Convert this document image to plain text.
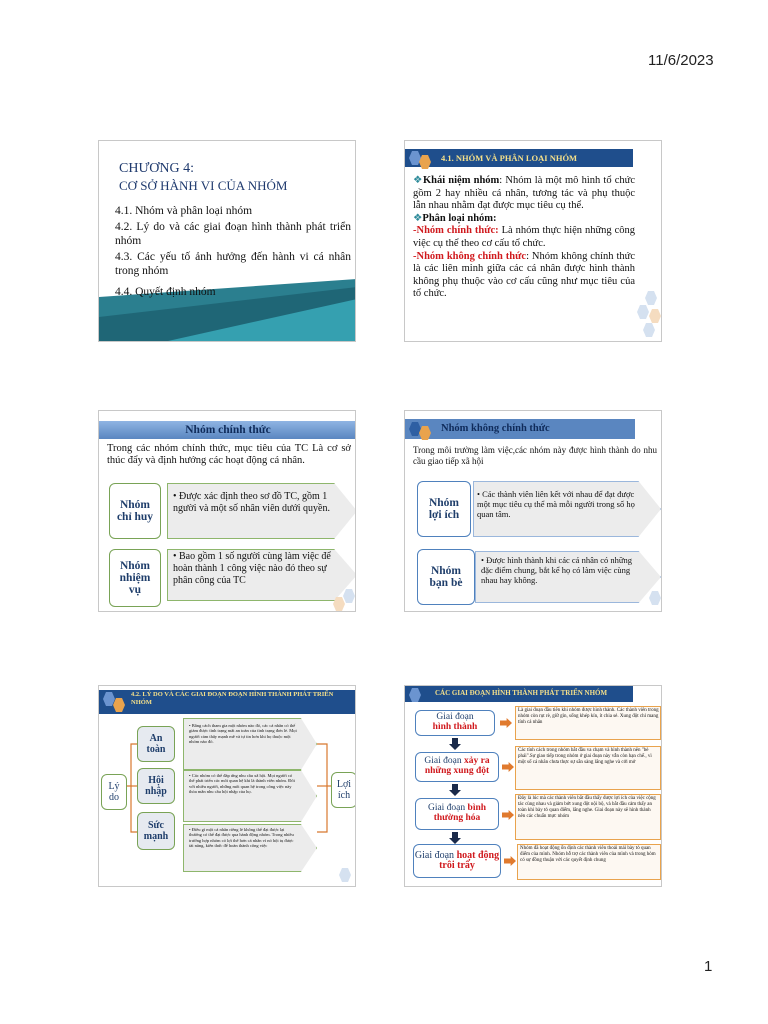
11/6/2023
CHƯƠNG 4:
CƠ SỞ HÀNH VI CỦA NHÓM
4.1. Nhóm và phân loại nhóm
4.2. Lý do và các giai đoạn hình thành phát triển nhóm
4.3. Các yếu tố ảnh hưởng đến hành vi cá nhân trong nhóm
4.4. Quyết định nhóm
4.1. NHÓM VÀ PHÂN LOẠI NHÓM
❖Khái niệm nhóm: Nhóm là một mô hình tổ chức gồm 2 hay nhiều cá nhân, tương tác và phụ thuộc lẫn nhau nhằm đạt được mục tiêu cụ thể.
❖Phân loại nhóm:
-Nhóm chính thức: Là nhóm thực hiện những công việc cụ thể theo cơ cấu tổ chức.
-Nhóm không chính thức: Nhóm không chính thức là các liên minh giữa các cá nhân được hình thành không phụ thuộc vào cơ cấu cũng như mục tiêu của tổ chức.
Nhóm chính thức
Trong các nhóm chính thức, mục tiêu của TC Là cơ sở thúc đẩy và định hướng các hoạt động cá nhân.
Nhóm chỉ huy
• Được xác định theo sơ đồ TC, gồm 1 người và một số nhân viên dưới quyền.
Nhóm nhiệm vụ
• Bao gồm 1 số người cùng làm việc để hoàn thành 1 công việc nào đó theo sự phân công của TC
Nhóm không chính thức
Trong môi trường làm việc,các nhóm này được hình thành do nhu cầu giao tiếp xã hội
Nhóm lợi ích
• Các thành viên liên kết với nhau để đạt được một mục tiêu cụ thể mà mỗi người trong số họ quan tâm.
Nhóm bạn bè
• Được hình thành khi các cá nhân có những đặc điểm chung, bắt kể họ có làm việc cùng nhau hay không.
4.2. LÝ DO VÀ CÁC GIAI ĐOẠN ĐOẠN HÌNH THÀNH PHÁT TRIỂN NHÓM
Lý do
Lợi ích
An toàn
• Bằng cách tham gia một nhóm nào đó, các cá nhân có thể giảm được tình trạng mất an toàn của tình trạng đơn lẻ. Mọi người cảm thấy mạnh mẽ và tự tin hơn khi họ thuộc một nhóm nào đó.
Hội nhập
• Các nhóm có thể đáp ứng nhu cầu xã hội. Mọi người có thể phát triển các mối quan hệ khi là thành viên nhóm. Đối với nhiều người, những mối quan hệ trong công việc này thỏa mãn nhu cầu hội nhập của họ.
Sức mạnh
• Điều gì một cá nhân riêng lẻ không thể đạt được lại thường có thể đạt được qua hành động nhóm. Trong nhiều trường hợp nhóm có lợi thế hơn cá nhân vì nó hội tụ được tài năng, kiến thức để hoàn thành công việc
CÁC GIAI ĐOẠN HÌNH THÀNH PHÁT TRIỂN NHÓM
Giai đoạn
hình thành
Là giai đoạn đầu tiên khi nhóm được hình thành. Các thành viên trong nhóm còn rụt rè, giữ gìn, sống khép kín, ít chia sẻ. Xung đột chỉ mang tính cá nhân
Giai đoạn xảy ra những xung đột
Các tính cách trong nhóm bắt đầu va chạm và hình thành nên "bè phái".Sự giao tiếp trong nhóm ở giai đoạn này vẫn còn hạn chế., vì một số cá nhân chưa thực sự sẵn sàng lắng nghe và cởi mở
Giai đoạn bình thường hóa
Đây là lúc mà các thành viên bắt đầu thấy được lợi ích của việc cộng tác cùng nhau và giảm bớt xung đột nội bộ, và bắt đầu cảm thấy an toàn khi bày tỏ quan điểm, lắng nghe. Giai đoạn này sẽ hình thành nên các chuẩn mực nhóm
Giai đoạn hoạt động trôi trẩy
Nhóm đã hoạt động ổn định các thành viên thoải mái bày tỏ quan điểm của mình. Nhóm hỗ trợ các thành viên của mình và trong hòm có sự đồng thuận với các quyết định chung
1
